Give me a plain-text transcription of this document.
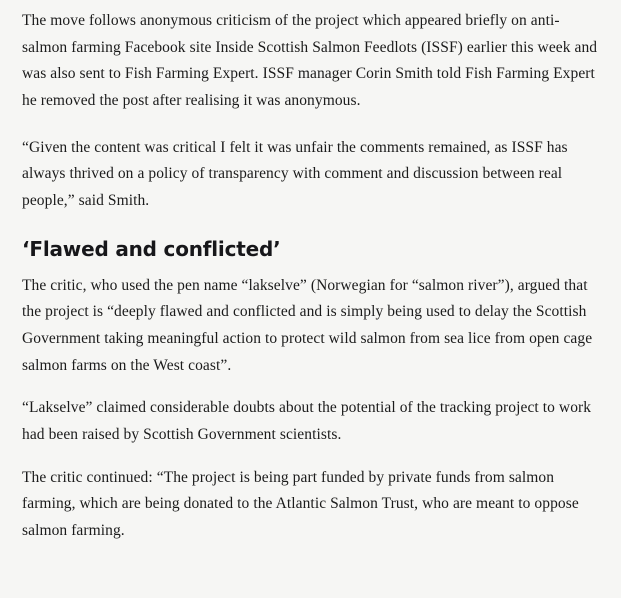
The move follows anonymous criticism of the project which appeared briefly on anti-salmon farming Facebook site Inside Scottish Salmon Feedlots (ISSF) earlier this week and was also sent to Fish Farming Expert. ISSF manager Corin Smith told Fish Farming Expert he removed the post after realising it was anonymous.

“Given the content was critical I felt it was unfair the comments remained, as ISSF has always thrived on a policy of transparency with comment and discussion between real people,” said Smith.

‘Flawed and conflicted’

The critic, who used the pen name “lakselve” (Norwegian for “salmon river”), argued that the project is “deeply flawed and conflicted and is simply being used to delay the Scottish Government taking meaningful action to protect wild salmon from sea lice from open cage salmon farms on the West coast”.

“Lakselve” claimed considerable doubts about the potential of the tracking project to work had been raised by Scottish Government scientists.

The critic continued: “The project is being part funded by private funds from salmon farming, which are being donated to the Atlantic Salmon Trust, who are meant to oppose salmon farming.
